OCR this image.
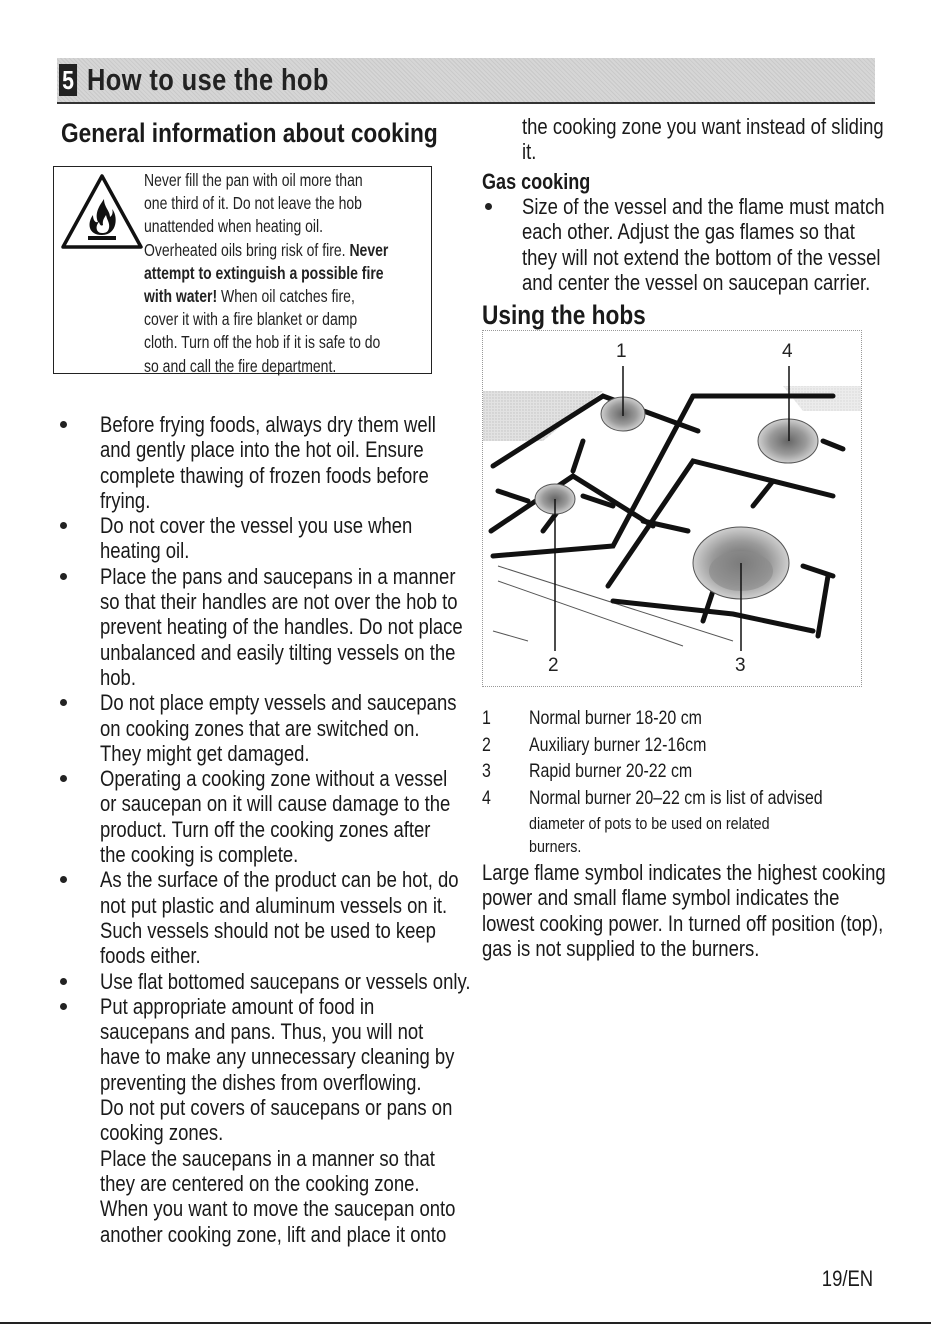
5 How to use the hob
General information about cooking
Never fill the pan with oil more than
one third of it. Do not leave the hob
unattended when heating oil.
Overheated oils bring risk of fire. Never
attempt to extinguish a possible fire
with water! When oil catches fire,
cover it with a fire blanket or damp
cloth. Turn off the hob if it is safe to do
so and call the fire department.
Before frying foods, always dry them well
and gently place into the hot oil. Ensure
complete thawing of frozen foods before
frying.
Do not cover the vessel you use when
heating oil.
Place the pans and saucepans in a manner
so that their handles are not over the hob to
prevent heating of the handles. Do not place
unbalanced and easily tilting vessels on the
hob.
Do not place empty vessels and saucepans
on cooking zones that are switched on.
They might get damaged.
Operating a cooking zone without a vessel
or saucepan on it will cause damage to the
product. Turn off the cooking zones after
the cooking is complete.
As the surface of the product can be hot, do
not put plastic and aluminum vessels on it.
Such vessels should not be used to keep
foods either.
Use flat bottomed saucepans or vessels only.
Put appropriate amount of food in
saucepans and pans. Thus, you will not
have to make any unnecessary cleaning by
preventing the dishes from overflowing.
Do not put covers of saucepans or pans on
cooking zones.
Place the saucepans in a manner so that
they are centered on the cooking zone.
When you want to move the saucepan onto
another cooking zone, lift and place it onto
the cooking zone you want instead of sliding
it.
Gas cooking
Size of the vessel and the flame must match
each other. Adjust the gas flames so that
they will not extend the bottom of the vessel
and center the vessel on saucepan carrier.
Using the hobs
1	4
2	3
1 Normal burner 18-20 cm
2 Auxiliary burner 12-16cm
3 Rapid burner 20-22 cm
4 Normal burner 20–22 cm is list of advised
diameter of pots to be used on related
burners.
Large flame symbol indicates the highest cooking
power and small flame symbol indicates the
lowest cooking power. In turned off position (top),
gas is not supplied to the burners.
19/EN
